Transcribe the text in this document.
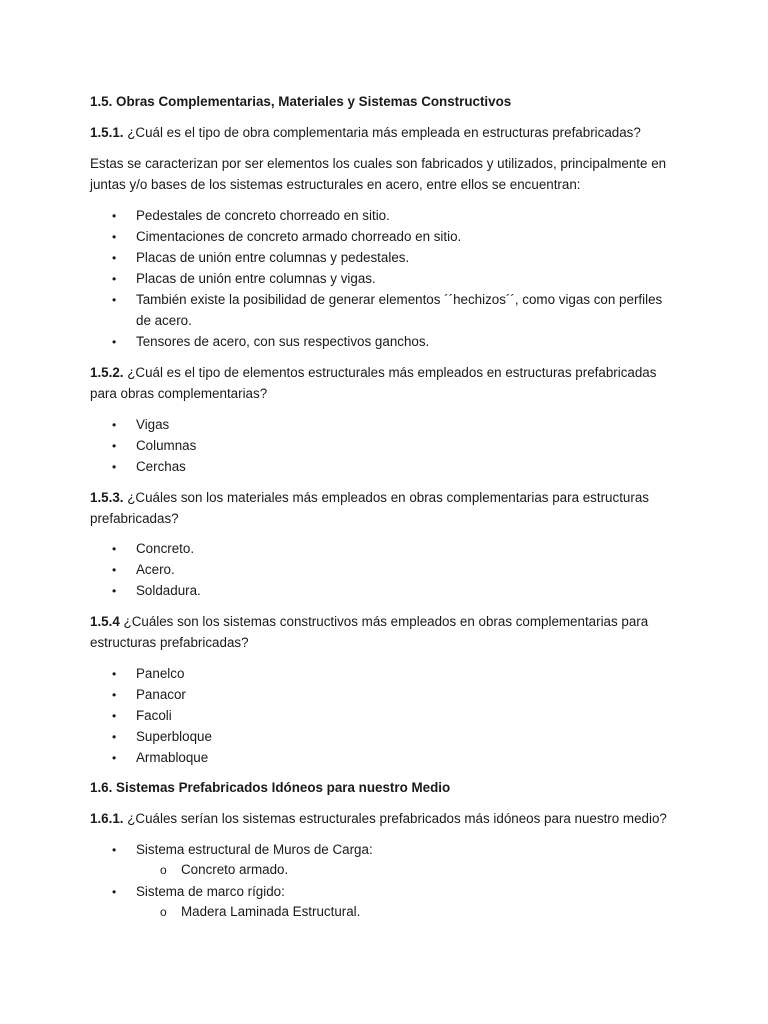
1.5. Obras Complementarias, Materiales y Sistemas Constructivos
1.5.1. ¿Cuál es el tipo de obra complementaria más empleada en estructuras prefabricadas?
Estas se caracterizan por ser elementos los cuales son fabricados y utilizados, principalmente en
juntas y/o bases de los sistemas estructurales en acero, entre ellos se encuentran:
• Pedestales de concreto chorreado en sitio.
• Cimentaciones de concreto armado chorreado en sitio.
• Placas de unión entre columnas y pedestales.
• Placas de unión entre columnas y vigas.
• También existe la posibilidad de generar elementos ´´hechizos´´, como vigas con perfiles
de acero.
• Tensores de acero, con sus respectivos ganchos.
1.5.2. ¿Cuál es el tipo de elementos estructurales más empleados en estructuras prefabricadas
para obras complementarias?
• Vigas
• Columnas
• Cerchas
1.5.3. ¿Cuáles son los materiales más empleados en obras complementarias para estructuras
prefabricadas?
• Concreto.
• Acero.
• Soldadura.
1.5.4 ¿Cuáles son los sistemas constructivos más empleados en obras complementarias para
estructuras prefabricadas?
• Panelco
• Panacor
• Facoli
• Superbloque
• Armabloque
1.6. Sistemas Prefabricados Idóneos para nuestro Medio
1.6.1. ¿Cuáles serían los sistemas estructurales prefabricados más idóneos para nuestro medio?
• Sistema estructural de Muros de Carga:
o Concreto armado.
• Sistema de marco rígido:
o Madera Laminada Estructural.
